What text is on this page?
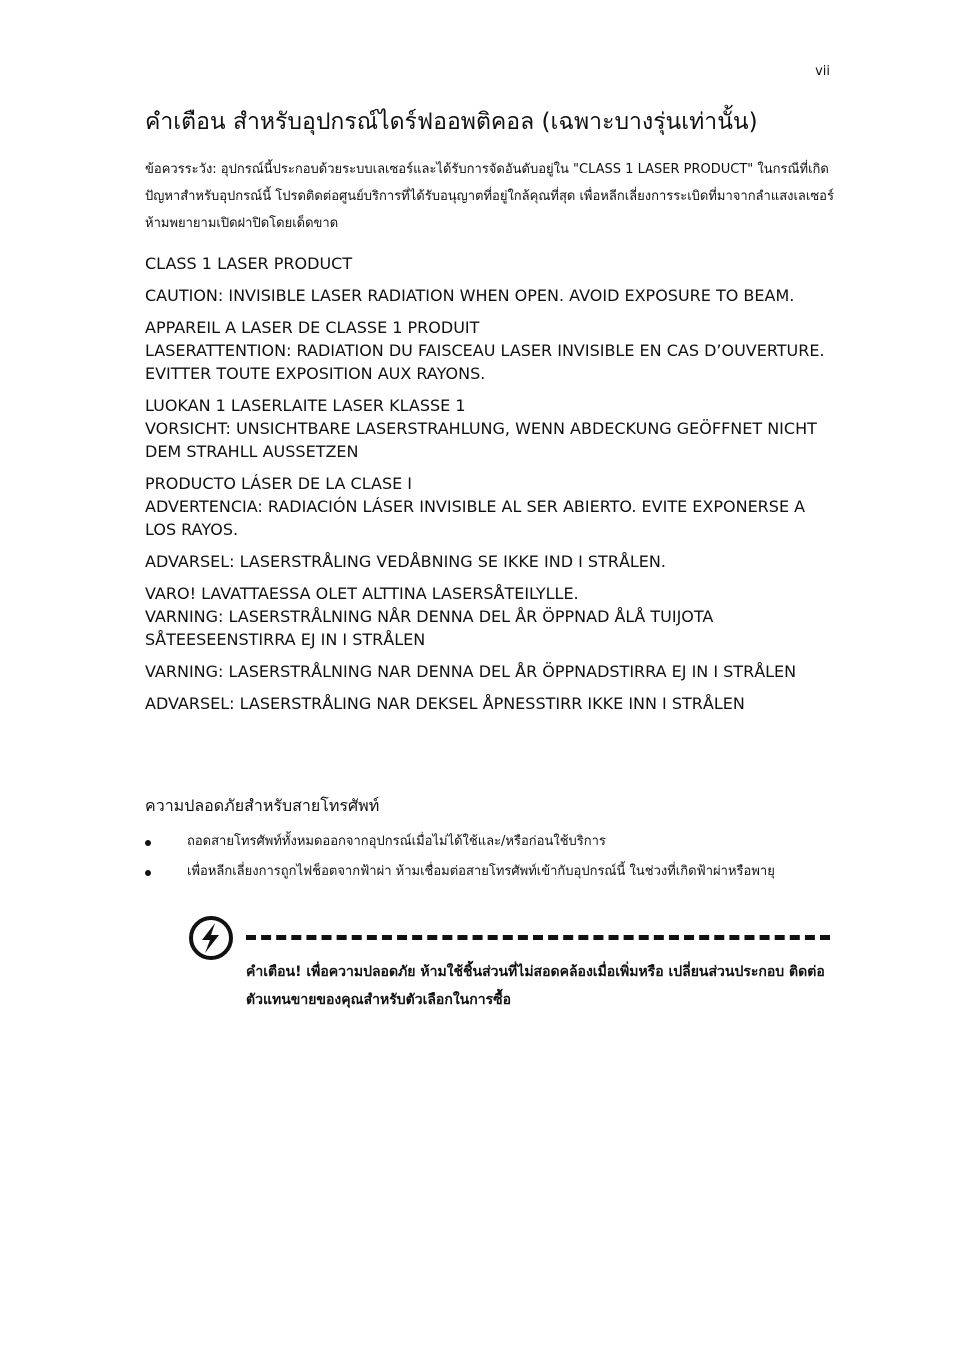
vii
คำเตือน สำหรับอุปกรณ์ไดร์ฟออพติคอล (เฉพาะบางรุ่นเท่านั้น)

ข้อควรระวัง: อุปกรณ์นี้ประกอบด้วยระบบเลเซอร์และได้รับการจัดอันดับอยู่ใน "CLASS 1 LASER PRODUCT" ในกรณีที่เกิดปัญหาสำหรับอุปกรณ์นี้ โปรดติดต่อศูนย์บริการที่ได้รับอนุญาตที่อยู่ใกล้คุณที่สุด เพื่อหลีกเลี่ยงการระเบิดที่มาจากลำแสงเลเซอร์ ห้ามพยายามเปิดฝาปิดโดยเด็ดขาด

CLASS 1 LASER PRODUCT

CAUTION: INVISIBLE LASER RADIATION WHEN OPEN. AVOID EXPOSURE TO BEAM.

APPAREIL A LASER DE CLASSE 1 PRODUIT
LASERATTENTION: RADIATION DU FAISCEAU LASER INVISIBLE EN CAS D’OUVERTURE. EVITTER TOUTE EXPOSITION AUX RAYONS.

LUOKAN 1 LASERLAITE LASER KLASSE 1
VORSICHT: UNSICHTBARE LASERSTRAHLUNG, WENN ABDECKUNG GEÖFFNET NICHT DEM STRAHLL AUSSETZEN

PRODUCTO LÁSER DE LA CLASE I
ADVERTENCIA: RADIACIÓN LÁSER INVISIBLE AL SER ABIERTO. EVITE EXPONERSE A LOS RAYOS.

ADVARSEL: LASERSTRÅLING VEDÅBNING SE IKKE IND I STRÅLEN.

VARO! LAVATTAESSA OLET ALTTINA LASERSÅTEILYLLE.
VARNING: LASERSTRÅLNING NÅR DENNA DEL ÅR ÖPPNAD ÅLÅ TUIJOTA SÅTEESEENSTIRRA EJ IN I STRÅLEN

VARNING: LASERSTRÅLNING NAR DENNA DEL ÅR ÖPPNADSTIRRA EJ IN I STRÅLEN

ADVARSEL: LASERSTRÅLING NAR DEKSEL ÅPNESSTIRR IKKE INN I STRÅLEN

ความปลอดภัยสำหรับสายโทรศัพท์
ถอดสายโทรศัพท์ทั้งหมดออกจากอุปกรณ์เมื่อไม่ได้ใช้และ/หรือก่อนใช้บริการ
เพื่อหลีกเลี่ยงการถูกไฟช็อตจากฟ้าผ่า ห้ามเชื่อมต่อสายโทรศัพท์เข้ากับอุปกรณ์นี้ ในช่วงที่เกิดฟ้าผ่าหรือพายุ

คำเตือน! เพื่อความปลอดภัย ห้ามใช้ชิ้นส่วนที่ไม่สอดคล้องเมื่อเพิ่มหรือ เปลี่ยนส่วนประกอบ ติดต่อตัวแทนขายของคุณสำหรับตัวเลือกในการซื้อ
